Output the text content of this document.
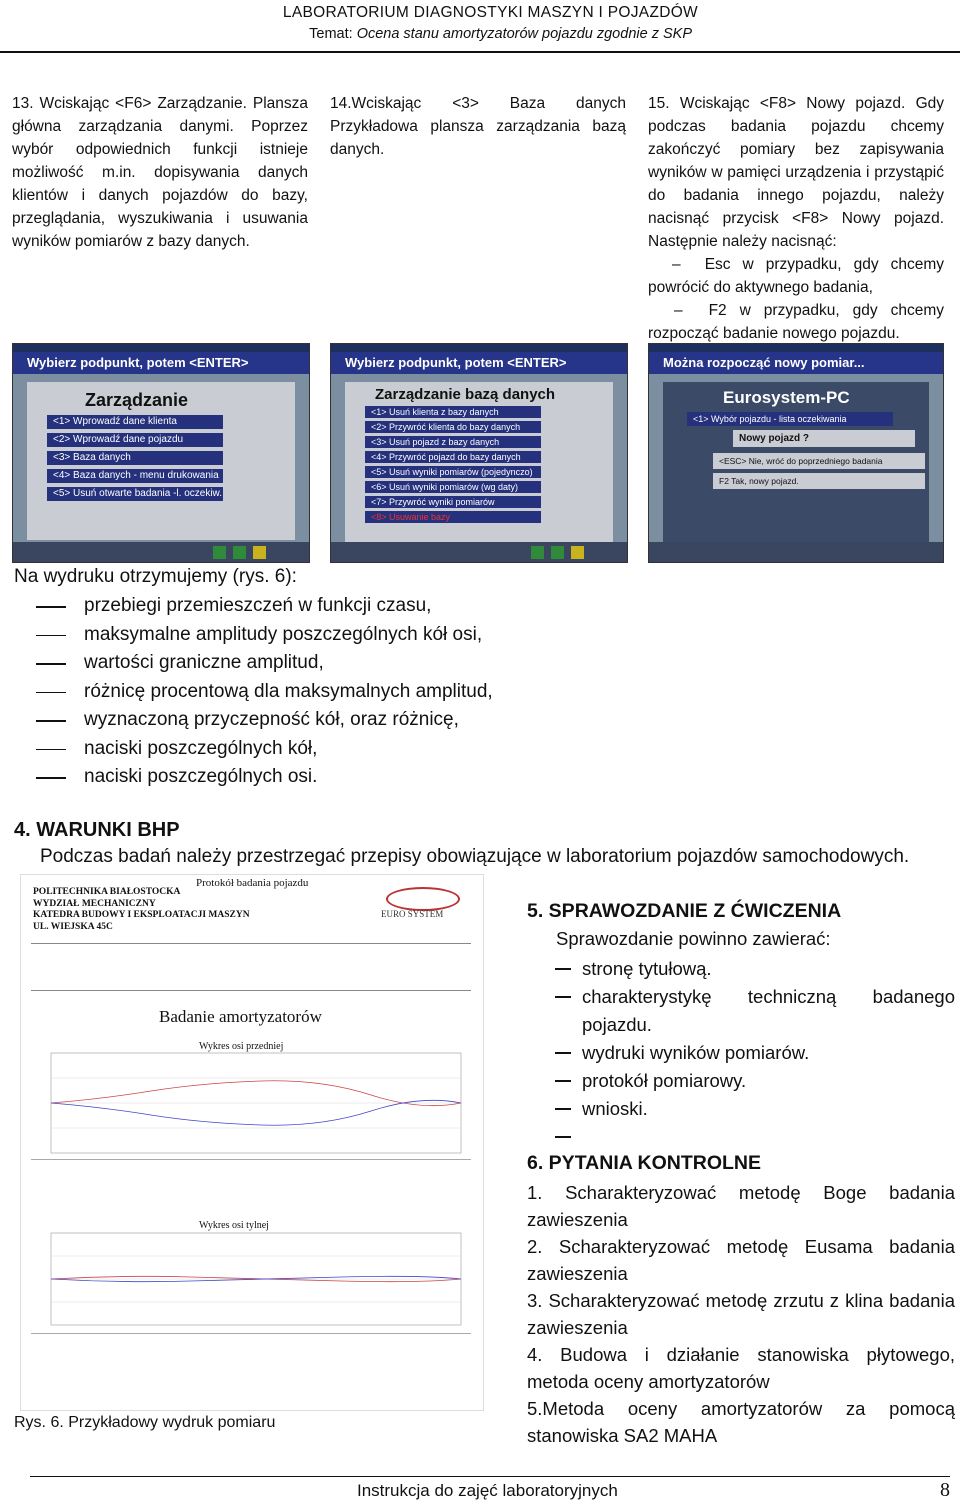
LABORATORIUM DIAGNOSTYKI MASZYN I POJAZDÓW
Temat: Ocena stanu amortyzatorów pojazdu zgodnie z SKP
13. Wciskając <F6> Zarządzanie. Plansza główna zarządzania danymi. Poprzez wybór odpowiednich funkcji istnieje możliwość m.in. dopisywania danych klientów i danych pojazdów do bazy, przeglądania, wyszukiwania i usuwania wyników pomiarów z bazy danych.
14.Wciskając <3> Baza danych Przykładowa plansza zarządzania bazą danych.
15. Wciskając <F8> Nowy pojazd. Gdy podczas badania pojazdu chcemy zakończyć pomiary bez zapisywania wyników w pamięci urządzenia i przystąpić do badania innego pojazdu, należy nacisnąć przycisk <F8> Nowy pojazd. Następnie należy nacisnąć:
–  Esc w przypadku, gdy chcemy powrócić do aktywnego badania,
–  F2 w przypadku, gdy chcemy rozpocząć badanie nowego pojazdu.
Wybierz podpunkt, potem <ENTER>
Zarządzanie
<1> Wprowadź dane klienta
<2> Wprowadź dane pojazdu
<3> Baza danych
<4> Baza danych - menu drukowania
<5> Usuń otwarte badania -l. oczekiw.
Wybierz podpunkt, potem <ENTER>
Zarządzanie bazą danych
<1> Usuń klienta z bazy danych
<2> Przywróć klienta do bazy danych
<3> Usuń pojazd z bazy danych
<4> Przywróć pojazd do bazy danych
<5> Usuń wyniki pomiarów (pojedynczo)
<6> Usuń wyniki pomiarów (wg daty)
<7> Przywróć wyniki pomiarów
<8> Usuwanie bazy
Można rozpocząć nowy pomiar...
Eurosystem-PC
<1> Wybór pojazdu - lista oczekiwania
Nowy pojazd ?
<ESC> Nie, wróć do poprzedniego badania
F2 Tak, nowy pojazd.
Na wydruku otrzymujemy (rys. 6):
przebiegi przemieszczeń w funkcji czasu,
maksymalne amplitudy poszczególnych kół osi,
wartości graniczne amplitud,
różnicę procentową dla maksymalnych amplitud,
wyznaczoną przyczepność kół, oraz różnicę,
naciski poszczególnych kół,
naciski poszczególnych osi.
4. WARUNKI BHP
Podczas badań należy przestrzegać przepisy obowiązujące w laboratorium pojazdów samochodowych.
Protokół badania pojazdu
POLITECHNIKA BIAŁOSTOCKA
WYDZIAŁ MECHANICZNY
KATEDRA BUDOWY I EKSPLOATACJI MASZYN
UL. WIEJSKA 45C
EURO SYSTEM
Badanie amortyzatorów
Wykres osi przedniej
Wykres osi tylnej
Rys. 6. Przykładowy wydruk pomiaru
5. SPRAWOZDANIE Z ĆWICZENIA
Sprawozdanie powinno zawierać:
stronę tytułową.
charakterystykę techniczną badanego pojazdu.
wydruki wyników pomiarów.
protokół pomiarowy.
wnioski.
6. PYTANIA KONTROLNE
1. Scharakteryzować metodę Boge badania zawieszenia
2. Scharakteryzować metodę Eusama badania zawieszenia
3. Scharakteryzować metodę zrzutu z klina badania zawieszenia
4. Budowa i działanie stanowiska płytowego, metoda oceny amortyzatorów
5.Metoda oceny amortyzatorów za pomocą stanowiska SA2 MAHA
Instrukcja do zajęć laboratoryjnych	8
